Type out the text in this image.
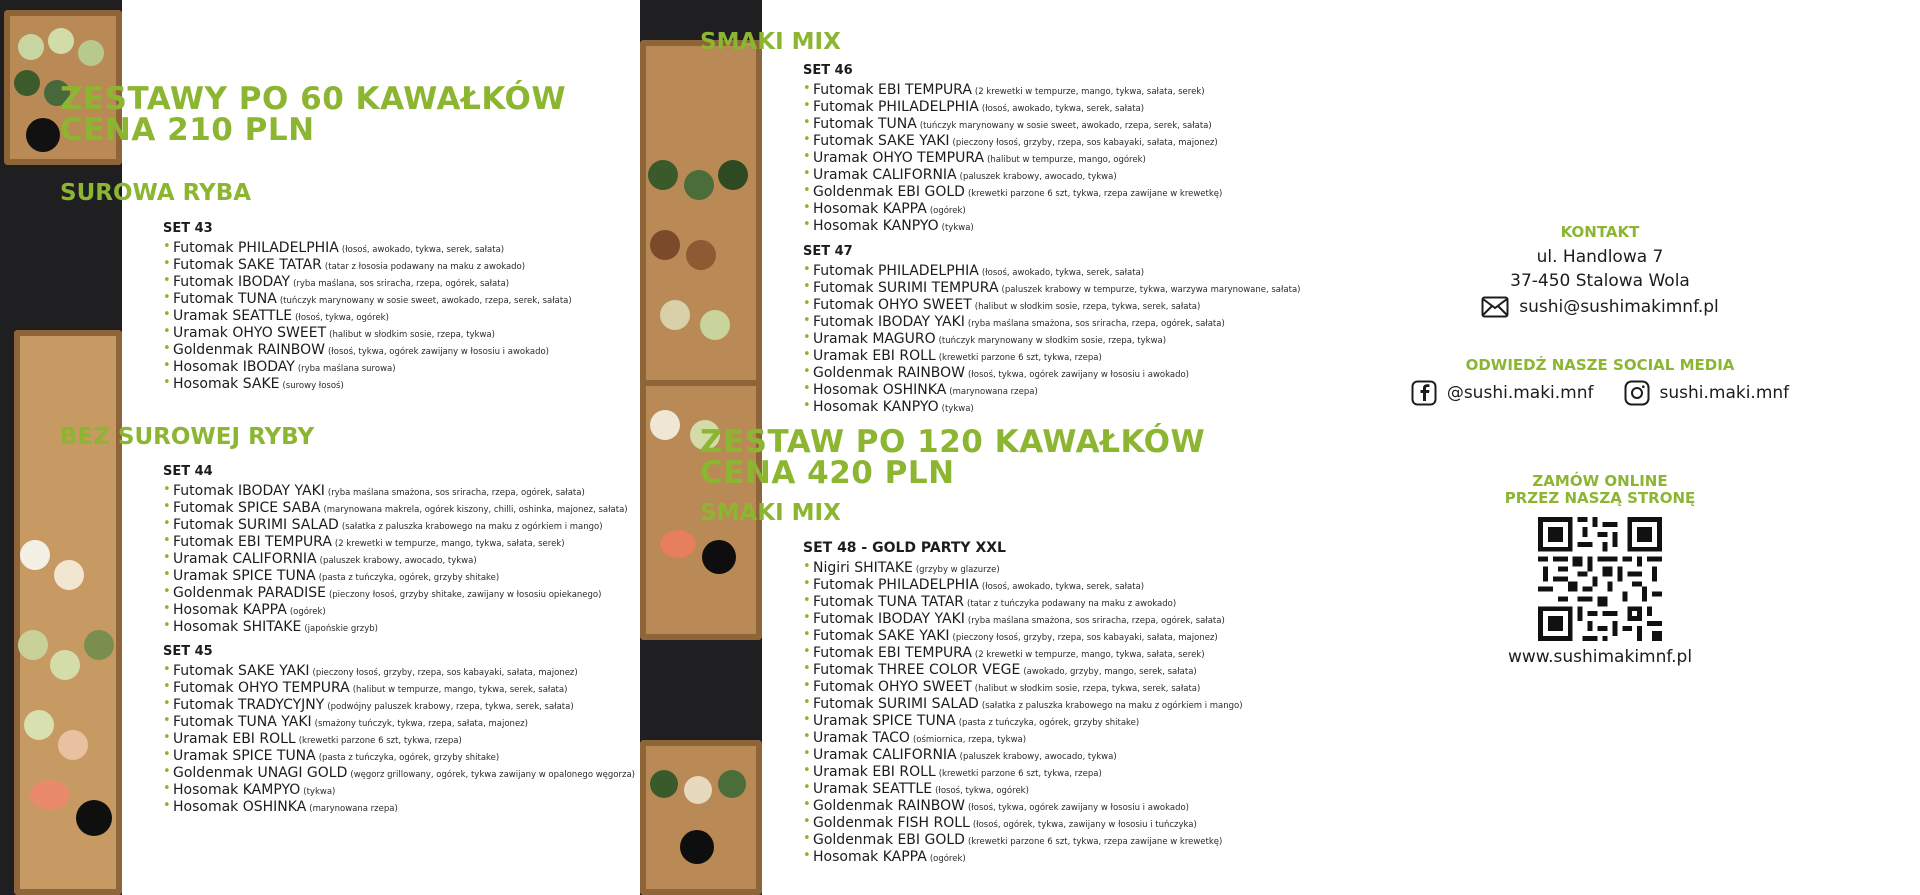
ZESTAWY PO 60 KAWAŁKÓW
CENA 210 PLN
SUROWA RYBA
SET 43
• Futomak PHILADELPHIA (łosoś, awokado, tykwa, serek, sałata)
• Futomak SAKE TATAR (tatar z łososia podawany na maku z awokado)
• Futomak IBODAY (ryba maślana, sos sriracha, rzepa, ogórek, sałata)
• Futomak TUNA (tuńczyk marynowany w sosie sweet, awokado, rzepa, serek, sałata)
• Uramak SEATTLE (łosoś, tykwa, ogórek)
• Uramak OHYO SWEET (halibut w słodkim sosie, rzepa, tykwa)
• Goldenmak RAINBOW (łosoś, tykwa, ogórek zawijany w łososiu i awokado)
• Hosomak IBODAY (ryba maślana surowa)
• Hosomak SAKE (surowy łosoś)
BEZ SUROWEJ RYBY
SET 44
• Futomak IBODAY YAKI (ryba maślana smażona, sos sriracha, rzepa, ogórek, sałata)
• Futomak SPICE SABA (marynowana makrela, ogórek kiszony, chilli, oshinka, majonez, sałata)
• Futomak SURIMI SALAD (sałatka z paluszka krabowego na maku z ogórkiem i mango)
• Futomak EBI TEMPURA (2 krewetki w tempurze, mango, tykwa, sałata, serek)
• Uramak CALIFORNIA (paluszek krabowy, awocado, tykwa)
• Uramak SPICE TUNA (pasta z tuńczyka, ogórek, grzyby shitake)
• Goldenmak PARADISE (pieczony łosoś, grzyby shitake, zawijany w łososiu opiekanego)
• Hosomak KAPPA (ogórek)
• Hosomak SHITAKE (japońskie grzyb)
SET 45
• Futomak SAKE YAKI (pieczony łosoś, grzyby, rzepa, sos kabayaki, sałata, majonez)
• Futomak OHYO TEMPURA (halibut w tempurze, mango, tykwa, serek, sałata)
• Futomak TRADYCYJNY (podwójny paluszek krabowy, rzepa, tykwa, serek, sałata)
• Futomak TUNA YAKI (smażony tuńczyk, tykwa, rzepa, sałata, majonez)
• Uramak EBI ROLL (krewetki parzone 6 szt, tykwa, rzepa)
• Uramak SPICE TUNA (pasta z tuńczyka, ogórek, grzyby shitake)
• Goldenmak UNAGI GOLD (węgorz grillowany, ogórek, tykwa zawijany w opalonego węgorza)
• Hosomak KAMPYO (tykwa)
• Hosomak OSHINKA (marynowana rzepa)
SMAKI MIX
SET 46
• Futomak EBI TEMPURA (2 krewetki w tempurze, mango, tykwa, sałata, serek)
• Futomak PHILADELPHIA (łosoś, awokado, tykwa, serek, sałata)
• Futomak TUNA (tuńczyk marynowany w sosie sweet, awokado, rzepa, serek, sałata)
• Futomak SAKE YAKI (pieczony łosoś, grzyby, rzepa, sos kabayaki, sałata, majonez)
• Uramak OHYO TEMPURA (halibut w tempurze, mango, ogórek)
• Uramak CALIFORNIA (paluszek krabowy, awocado, tykwa)
• Goldenmak EBI GOLD (krewetki parzone 6 szt, tykwa, rzepa zawijane w krewetkę)
• Hosomak KAPPA (ogórek)
• Hosomak KANPYO (tykwa)
SET 47
• Futomak PHILADELPHIA (łosoś, awokado, tykwa, serek, sałata)
• Futomak SURIMI TEMPURA (paluszek krabowy w tempurze, tykwa, warzywa marynowane, sałata)
• Futomak OHYO SWEET (halibut w słodkim sosie, rzepa, tykwa, serek, sałata)
• Futomak IBODAY YAKI (ryba maślana smażona, sos sriracha, rzepa, ogórek, sałata)
• Uramak MAGURO (tuńczyk marynowany w słodkim sosie, rzepa, tykwa)
• Uramak EBI ROLL (krewetki parzone 6 szt, tykwa, rzepa)
• Goldenmak RAINBOW (łosoś, tykwa, ogórek zawijany w łososiu i awokado)
• Hosomak OSHINKA (marynowana rzepa)
• Hosomak KANPYO (tykwa)
ZESTAW PO 120 KAWAŁKÓW
CENA 420 PLN
SMAKI MIX
SET 48 - GOLD PARTY XXL
• Nigiri SHITAKE (grzyby w glazurze)
• Futomak PHILADELPHIA (łosoś, awokado, tykwa, serek, sałata)
• Futomak TUNA TATAR (tatar z tuńczyka podawany na maku z awokado)
• Futomak IBODAY YAKI (ryba maślana smażona, sos sriracha, rzepa, ogórek, sałata)
• Futomak SAKE YAKI (pieczony łosoś, grzyby, rzepa, sos kabayaki, sałata, majonez)
• Futomak EBI TEMPURA (2 krewetki w tempurze, mango, tykwa, sałata, serek)
• Futomak THREE COLOR VEGE (awokado, grzyby, mango, serek, sałata)
• Futomak OHYO SWEET (halibut w słodkim sosie, rzepa, tykwa, serek, sałata)
• Futomak SURIMI SALAD (sałatka z paluszka krabowego na maku z ogórkiem i mango)
• Uramak SPICE TUNA (pasta z tuńczyka, ogórek, grzyby shitake)
• Uramak TACO (ośmiornica, rzepa, tykwa)
• Uramak CALIFORNIA (paluszek krabowy, awocado, tykwa)
• Uramak EBI ROLL (krewetki parzone 6 szt, tykwa, rzepa)
• Uramak SEATTLE (łosoś, tykwa, ogórek)
• Goldenmak RAINBOW (łosoś, tykwa, ogórek zawijany w łososiu i awokado)
• Goldenmak FISH ROLL (łosoś, ogórek, tykwa, zawijany w łososiu i tuńczyka)
• Goldenmak EBI GOLD (krewetki parzone 6 szt, tykwa, rzepa zawijane w krewetkę)
• Hosomak KAPPA (ogórek)
KONTAKT
ul. Handlowa 7
37-450 Stalowa Wola
sushi@sushimakimnf.pl
ODWIEDŹ NASZE SOCIAL MEDIA
@sushi.maki.mnf	sushi.maki.mnf
ZAMÓW ONLINE
PRZEZ NASZĄ STRONĘ
www.sushimakimnf.pl
